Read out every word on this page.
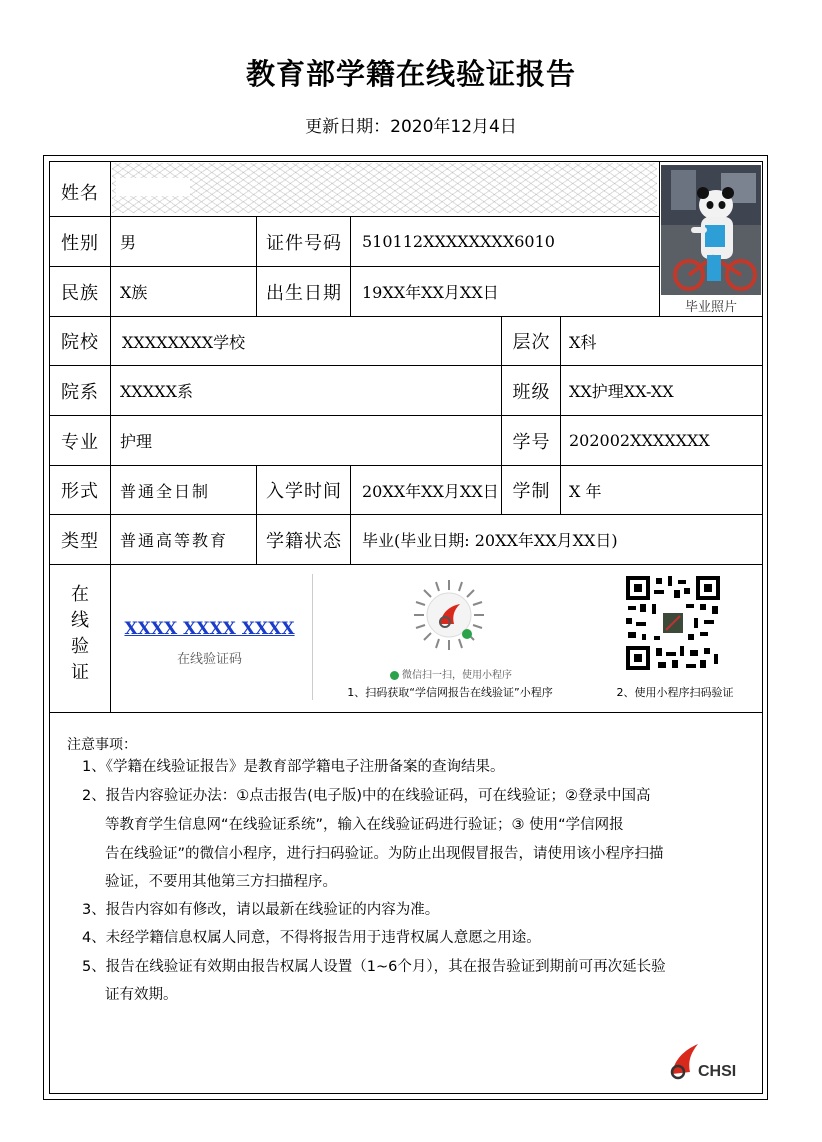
教育部学籍在线验证报告
更新日期：2020年12月4日
毕业照片
姓名
性别	男	证件号码	510112XXXXXXXX6010
民族	X族	出生日期	19XX年XX月XX日
院校	XXXXXXXX学校	层次	X科
院系	XXXXX系	班级	XX护理XX-XX
专业	护理	学号	202002XXXXXXX
形式	普通全日制	入学时间	20XX年XX月XX日 学制	X 年
类型	普通高等教育	学籍状态	毕业(毕业日期: 20XX年XX月XX日)
在
线
验
证
XXXX XXXX XXXX
在线验证码
微信扫一扫，使用小程序
1、扫码获取“学信网报告在线验证”小程序	2、使用小程序扫码验证
注意事项：
1、《学籍在线验证报告》是教育部学籍电子注册备案的查询结果。
2、报告内容验证办法：①点击报告(电子版)中的在线验证码，可在线验证；②登录中国高
等教育学生信息网“在线验证系统”，输入在线验证码进行验证；③ 使用“学信网报
告在线验证”的微信小程序，进行扫码验证。为防止出现假冒报告，请使用该小程序扫描
验证，不要用其他第三方扫描程序。
3、报告内容如有修改，请以最新在线验证的内容为准。
4、未经学籍信息权属人同意，不得将报告用于违背权属人意愿之用途。
5、报告在线验证有效期由报告权属人设置（1~6个月），其在报告验证到期前可再次延长验
证有效期。
CHSI
